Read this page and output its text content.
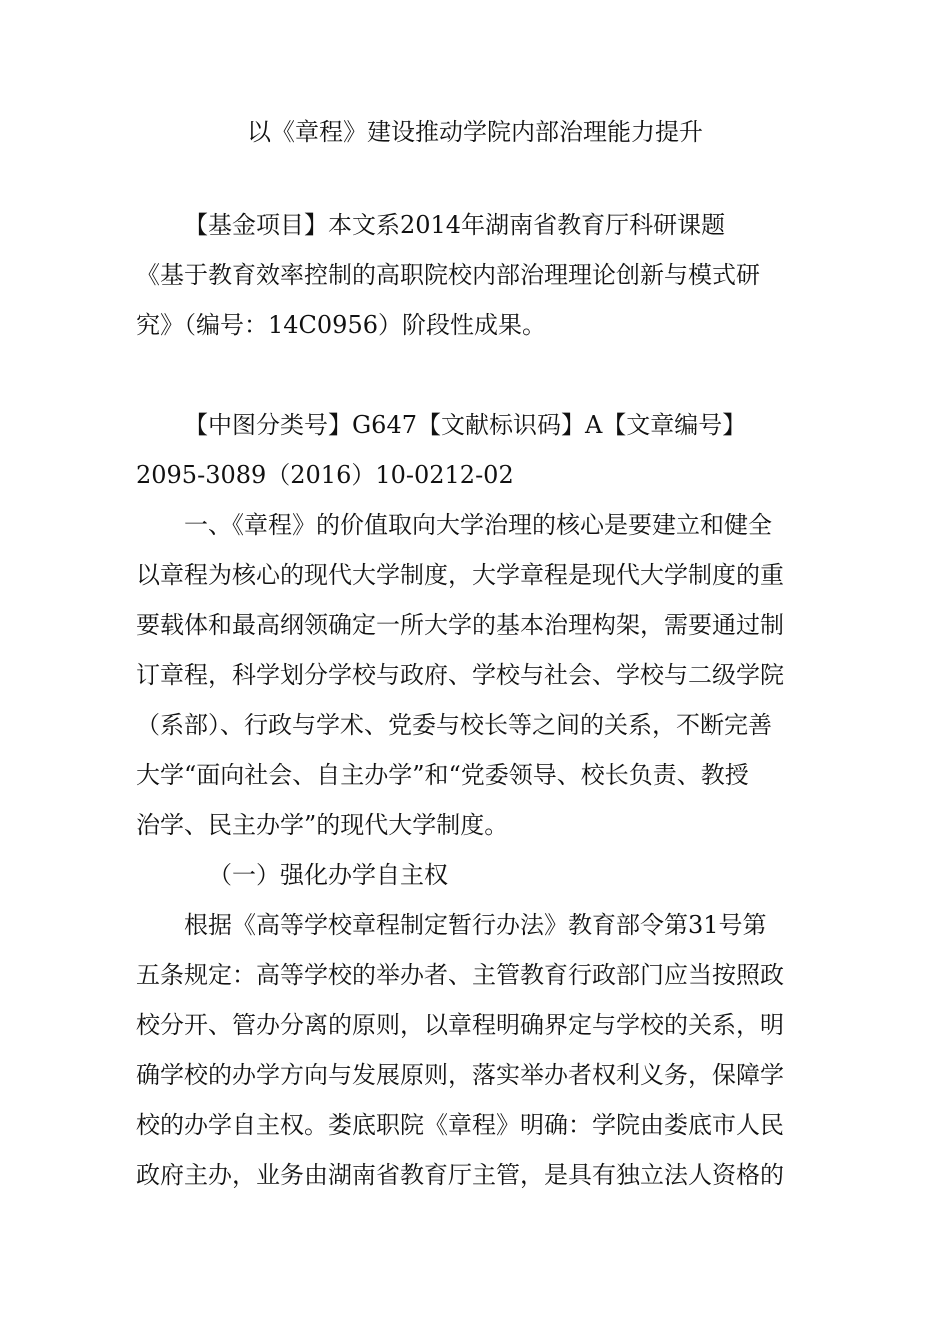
以《章程》建设推动学院内部治理能力提升
【基金项目】本文系2014年湖南省教育厅科研课题
《基于教育效率控制的高职院校内部治理理论创新与模式研
究》（编号：14C0956）阶段性成果。
【中图分类号】G647【文献标识码】A【文章编号】
2095-3089（2016）10-0212-02
一、《章程》的价值取向大学治理的核心是要建立和健全
以章程为核心的现代大学制度，大学章程是现代大学制度的重
要载体和最高纲领确定一所大学的基本治理构架，需要通过制
订章程，科学划分学校与政府、学校与社会、学校与二级学院
（系部）、行政与学术、党委与校长等之间的关系，不断完善
大学“面向社会、自主办学”和“党委领导、校长负责、教授
治学、民主办学”的现代大学制度。
（一）强化办学自主权
根据《高等学校章程制定暂行办法》教育部令第31号第
五条规定：高等学校的举办者、主管教育行政部门应当按照政
校分开、管办分离的原则，以章程明确界定与学校的关系，明
确学校的办学方向与发展原则，落实举办者权利义务，保障学
校的办学自主权。娄底职院《章程》明确：学院由娄底市人民
政府主办，业务由湖南省教育厅主管，是具有独立法人资格的
